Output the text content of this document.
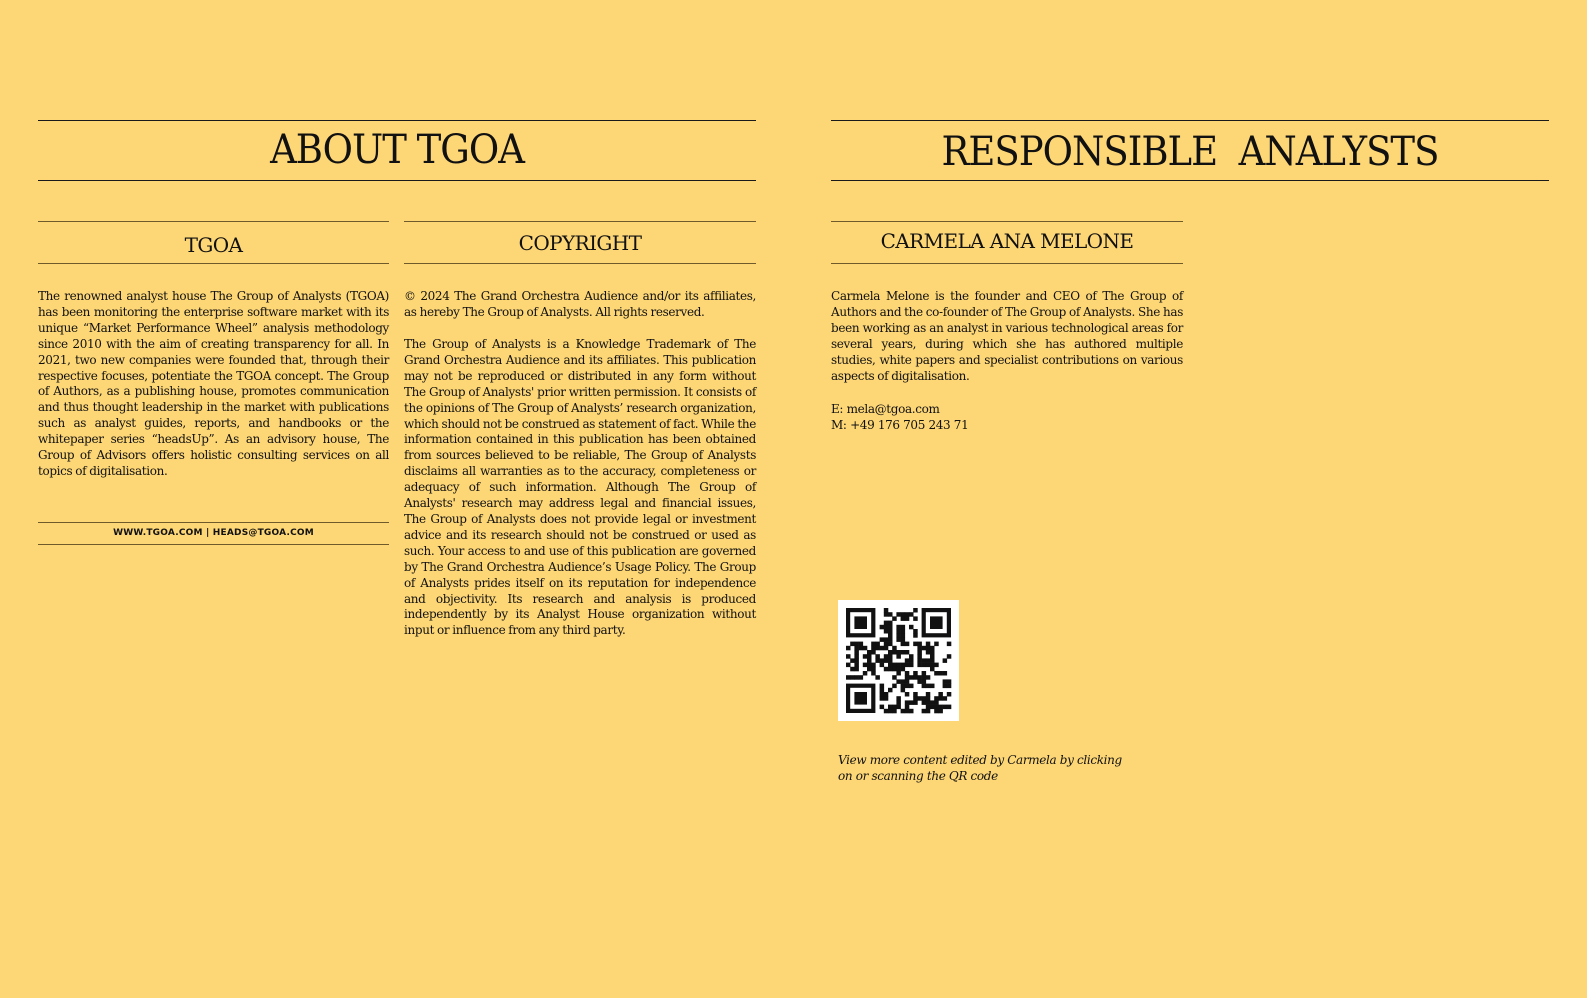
ABOUT TGOA
TGOA
The renowned analyst house The Group of Analysts (TGOA) has been monitoring the enterprise software market with its unique “Market Performance Wheel” analysis methodology since 2010 with the aim of creating transparency for all. In 2021, two new companies were founded that, through their respective focuses, potentiate the TGOA concept. The Group of Authors, as a publishing house, promotes communication and thus thought leadership in the market with publications such as analyst guides, reports, and handbooks or the whitepaper series “headsUp”. As an advisory house, The Group of Advisors offers holistic consulting services on all topics of digitalisation.
WWW.TGOA.COM | HEADS@TGOA.COM
COPYRIGHT
© 2024 The Grand Orchestra Audience and/or its affiliates, as hereby The Group of Analysts. All rights reserved.
The Group of Analysts is a Knowledge Trademark of The Grand Orchestra Audience and its affiliates. This publication may not be reproduced or distributed in any form without The Group of Analysts' prior written permission. It consists of the opinions of The Group of Analysts’ research organization, which should not be construed as statement of fact. While the information contained in this publication has been obtained from sources believed to be reliable, The Group of Analysts disclaims all warranties as to the accuracy, completeness or adequacy of such information. Although The Group of Analysts' research may address legal and financial issues, The Group of Analysts does not provide legal or investment advice and its research should not be construed or used as such. Your access to and use of this publication are governed by The Grand Orchestra Audience’s Usage Policy. The Group of Analysts prides itself on its reputation for independence and objectivity. Its research and analysis is produced independently by its Analyst House organization without input or influence from any third party.
RESPONSIBLE  ANALYSTS
CARMELA ANA MELONE
Carmela Melone is the founder and CEO of The Group of Authors and the co-founder of The Group of Analysts. She has been working as an analyst in various technological areas for several years, during which she has authored multiple studies, white papers and specialist contributions on various aspects of digitalisation.
E: mela@tgoa.com
M: +49 176 705 243 71
View more content edited by Carmela by clicking on or scanning the QR code
